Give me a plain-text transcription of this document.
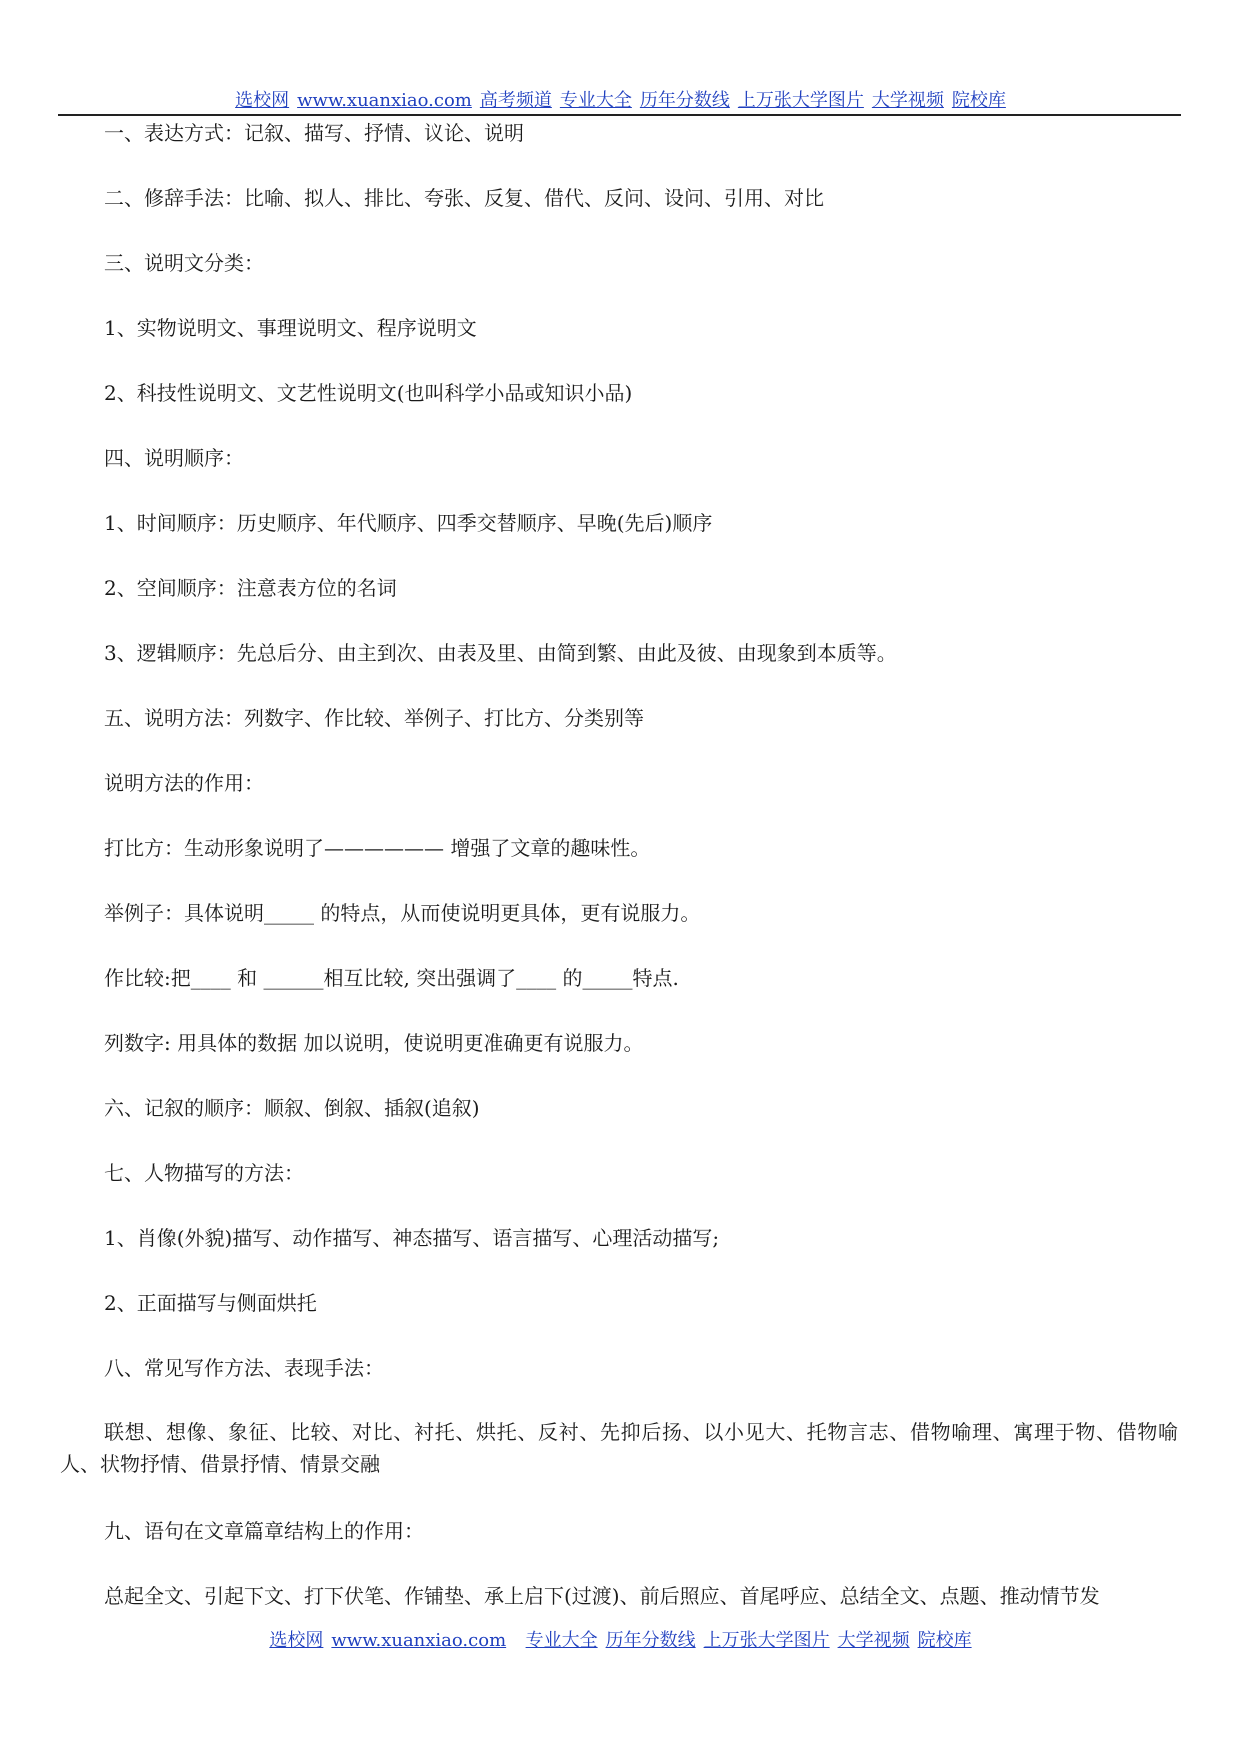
选校网 www.xuanxiao.com 高考频道 专业大全 历年分数线 上万张大学图片 大学视频 院校库
一、表达方式：记叙、描写、抒情、议论、说明
二、修辞手法：比喻、拟人、排比、夸张、反复、借代、反问、设问、引用、对比
三、说明文分类：
1、实物说明文、事理说明文、程序说明文
2、科技性说明文、文艺性说明文(也叫科学小品或知识小品)
四、说明顺序：
1、时间顺序：历史顺序、年代顺序、四季交替顺序、早晚(先后)顺序
2、空间顺序：注意表方位的名词
3、逻辑顺序：先总后分、由主到次、由表及里、由简到繁、由此及彼、由现象到本质等。
五、说明方法：列数字、作比较、举例子、打比方、分类别等
说明方法的作用：
打比方：生动形象说明了—————— 增强了文章的趣味性。
举例子：具体说明_____ 的特点，从而使说明更具体，更有说服力。
作比较:把____ 和 ______相互比较, 突出强调了____ 的_____特点.
列数字: 用具体的数据 加以说明，使说明更准确更有说服力。
六、记叙的顺序：顺叙、倒叙、插叙(追叙)
七、人物描写的方法：
1、肖像(外貌)描写、动作描写、神态描写、语言描写、心理活动描写;
2、正面描写与侧面烘托
八、常见写作方法、表现手法：
联想、想像、象征、比较、对比、衬托、烘托、反衬、先抑后扬、以小见大、托物言志、借物喻理、寓理于物、借物喻人、状物抒情、借景抒情、情景交融
九、语句在文章篇章结构上的作用：
总起全文、引起下文、打下伏笔、作铺垫、承上启下(过渡)、前后照应、首尾呼应、总结全文、点题、推动情节发
选校网 www.xuanxiao.com 专业大全 历年分数线 上万张大学图片 大学视频 院校库
